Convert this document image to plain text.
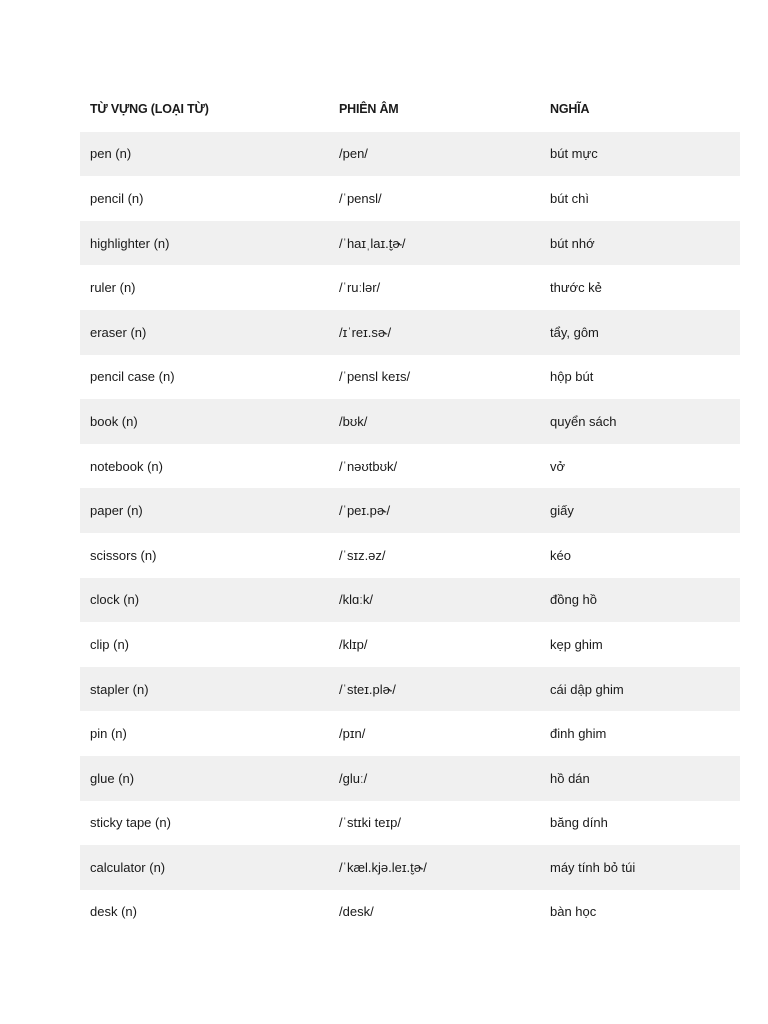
TỪ VỰNG (LOẠI TỪ)	PHIÊN ÂM	NGHĨA
pen (n)	/pen/	bút mực
pencil (n)	/ˈpensl/	bút chì
highlighter (n)	/ˈhaɪˌlaɪ.t̬ɚ/	bút nhớ
ruler (n)	/ˈruːlər/	thước kẻ
eraser (n)	/ɪˈreɪ.sɚ/	tẩy, gôm
pencil case (n)	/ˈpensl keɪs/	hộp bút
book (n)	/bʊk/	quyển sách
notebook (n)	/ˈnəʊtbʊk/	vở
paper (n)	/ˈpeɪ.pɚ/	giấy
scissors (n)	/ˈsɪz.əz/	kéo
clock (n)	/klɑːk/	đồng hồ
clip (n)	/klɪp/	kẹp ghim
stapler (n)	/ˈsteɪ.plɚ/	cái dập ghim
pin (n)	/pɪn/	đinh ghim
glue (n)	/gluː/	hồ dán
sticky tape (n)	/ˈstɪki teɪp/	băng dính
calculator (n)	/ˈkæl.kjə.leɪ.t̬ɚ/	máy tính bỏ túi
desk (n)	/desk/	bàn học
